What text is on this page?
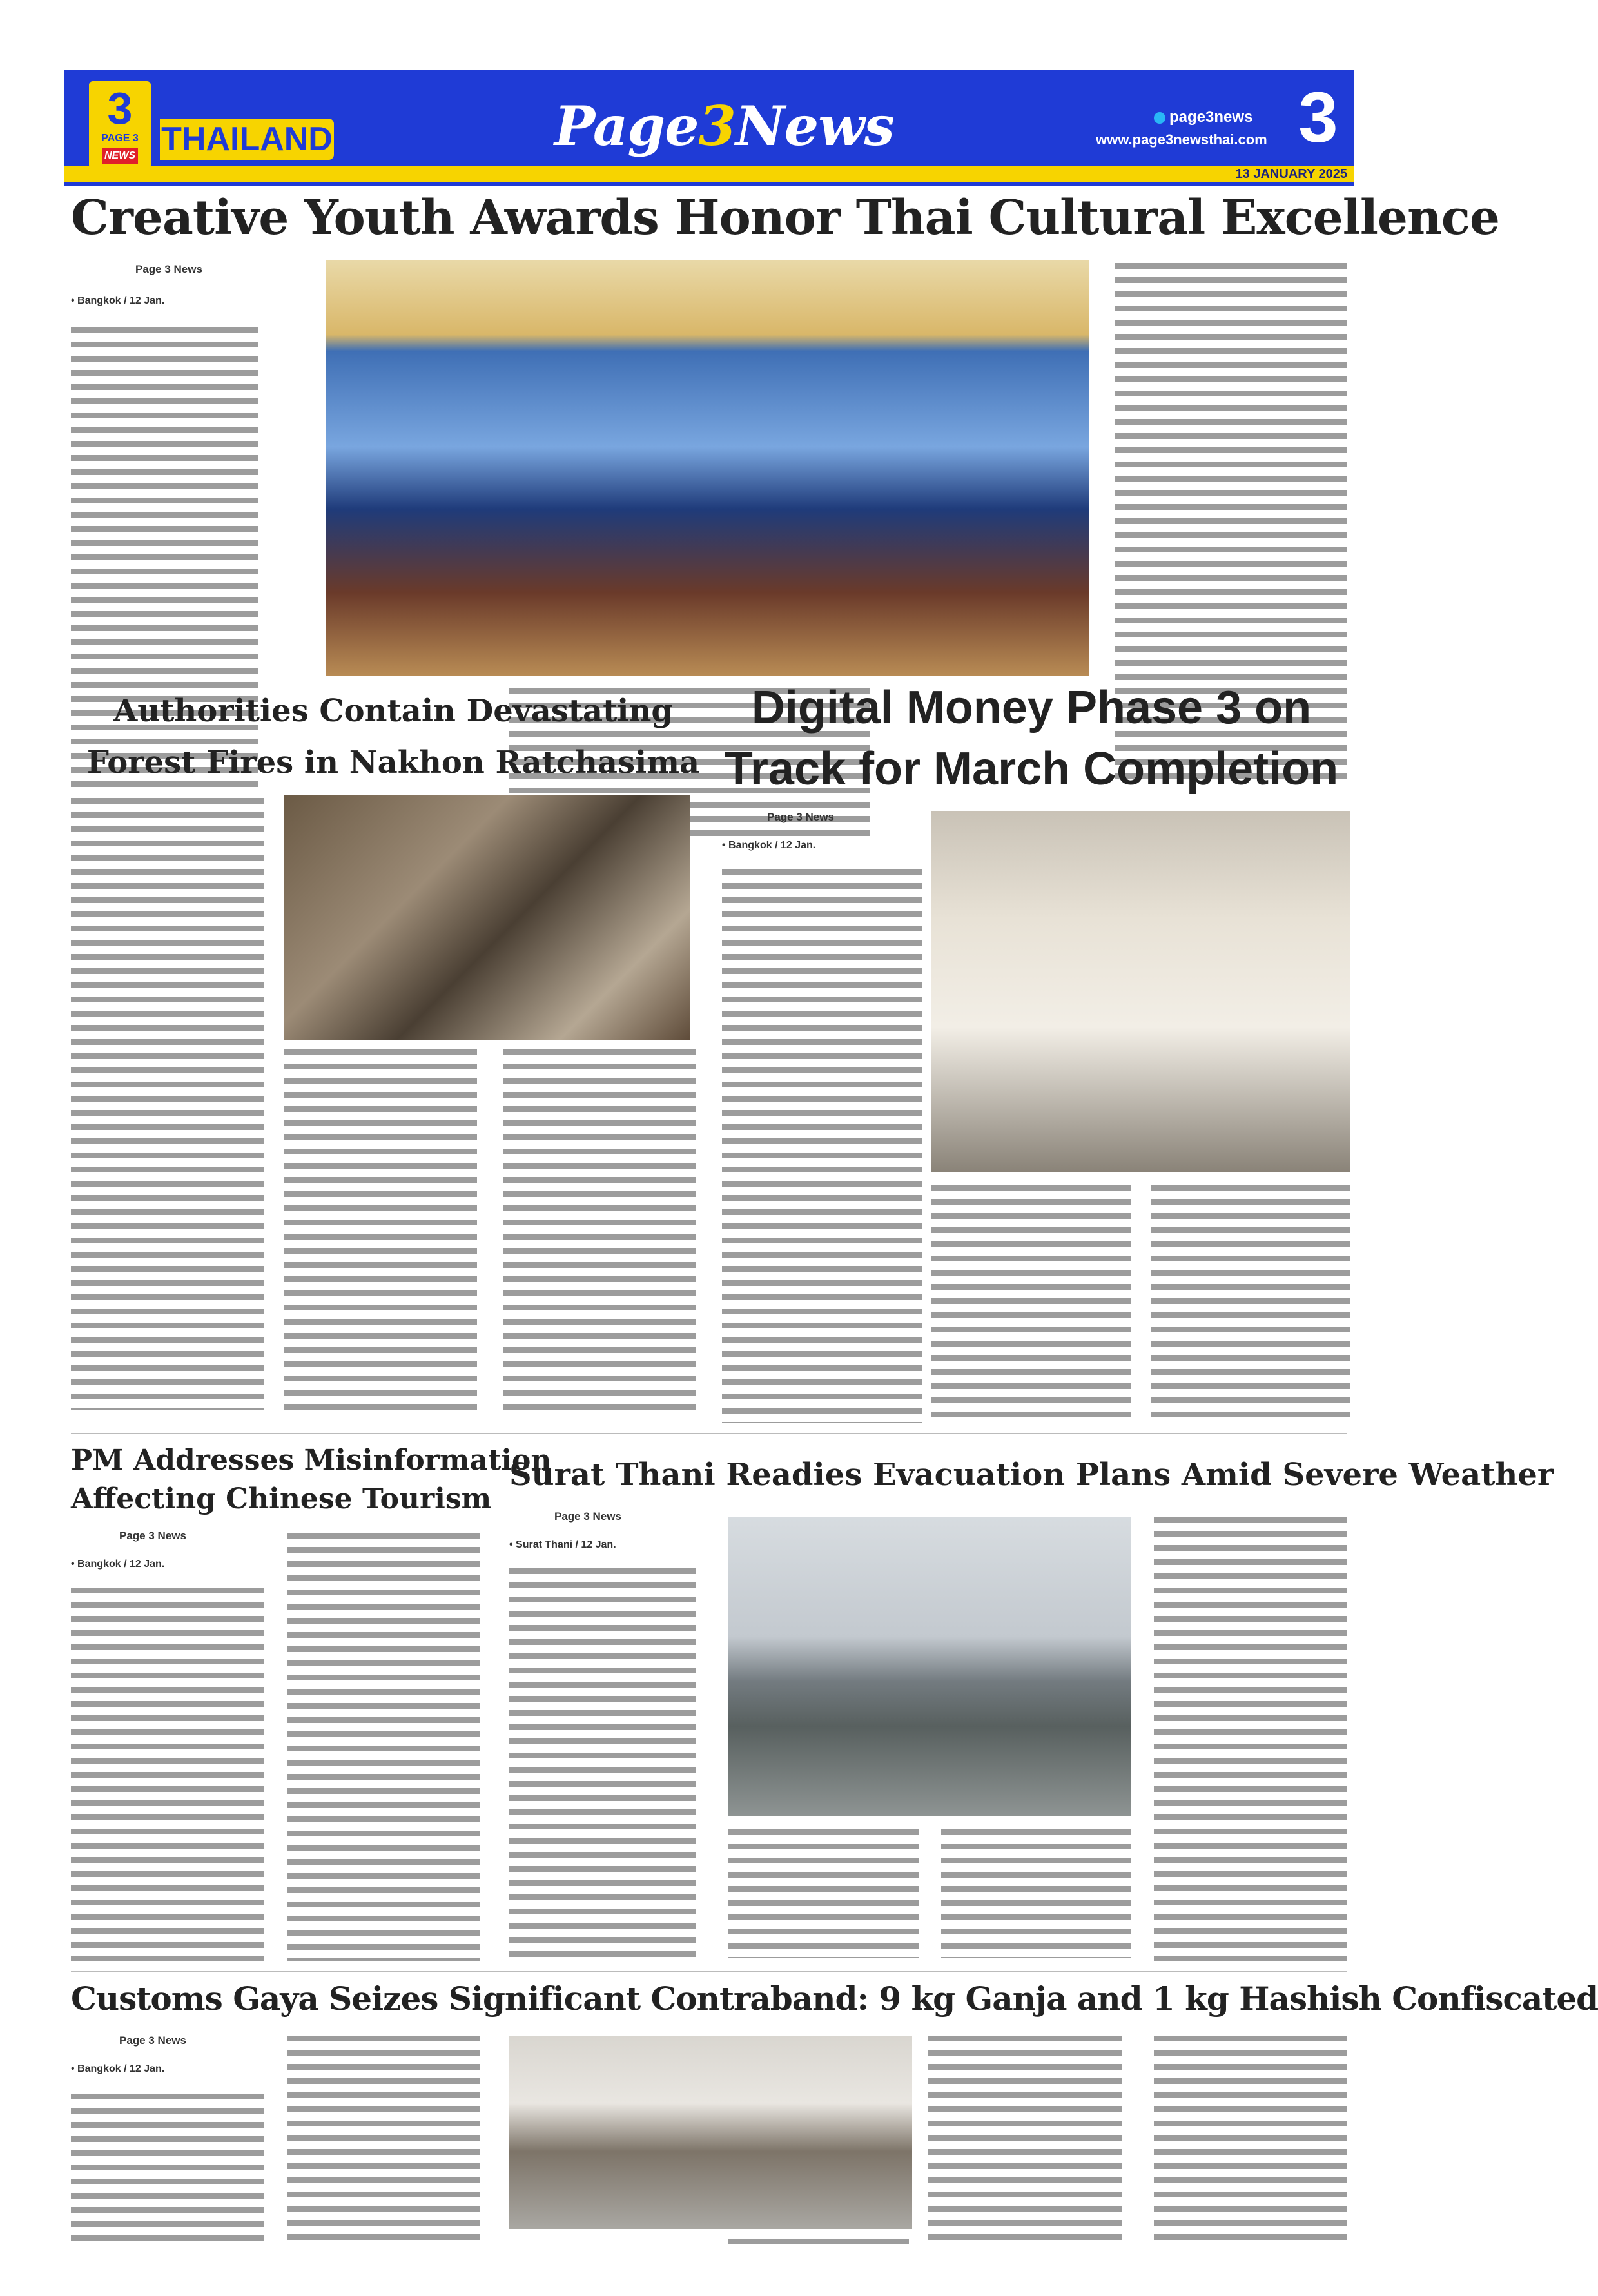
3
PAGE 3
NEWS THAILAND	Page3News	page3news
www.page3newsthai.com 3
13 JANUARY 2025
Creative Youth Awards Honor Thai Cultural Excellence
Page 3 News
• Bangkok / 12 Jan.
Authorities Contain Devastating
Forest Fires in Nakhon Ratchasima
Digital Money Phase 3 on
Track for March Completion
Page 3 News
• Bangkok / 12 Jan.
PM Addresses Misinformation
Affecting Chinese Tourism
Page 3 News
• Bangkok / 12 Jan.
Surat Thani Readies Evacuation Plans Amid Severe Weather
Page 3 News
• Surat Thani / 12 Jan.
Customs Gaya Seizes Significant Contraband: 9 kg Ganja and 1 kg Hashish Confiscated
Page 3 News
• Bangkok / 12 Jan.
